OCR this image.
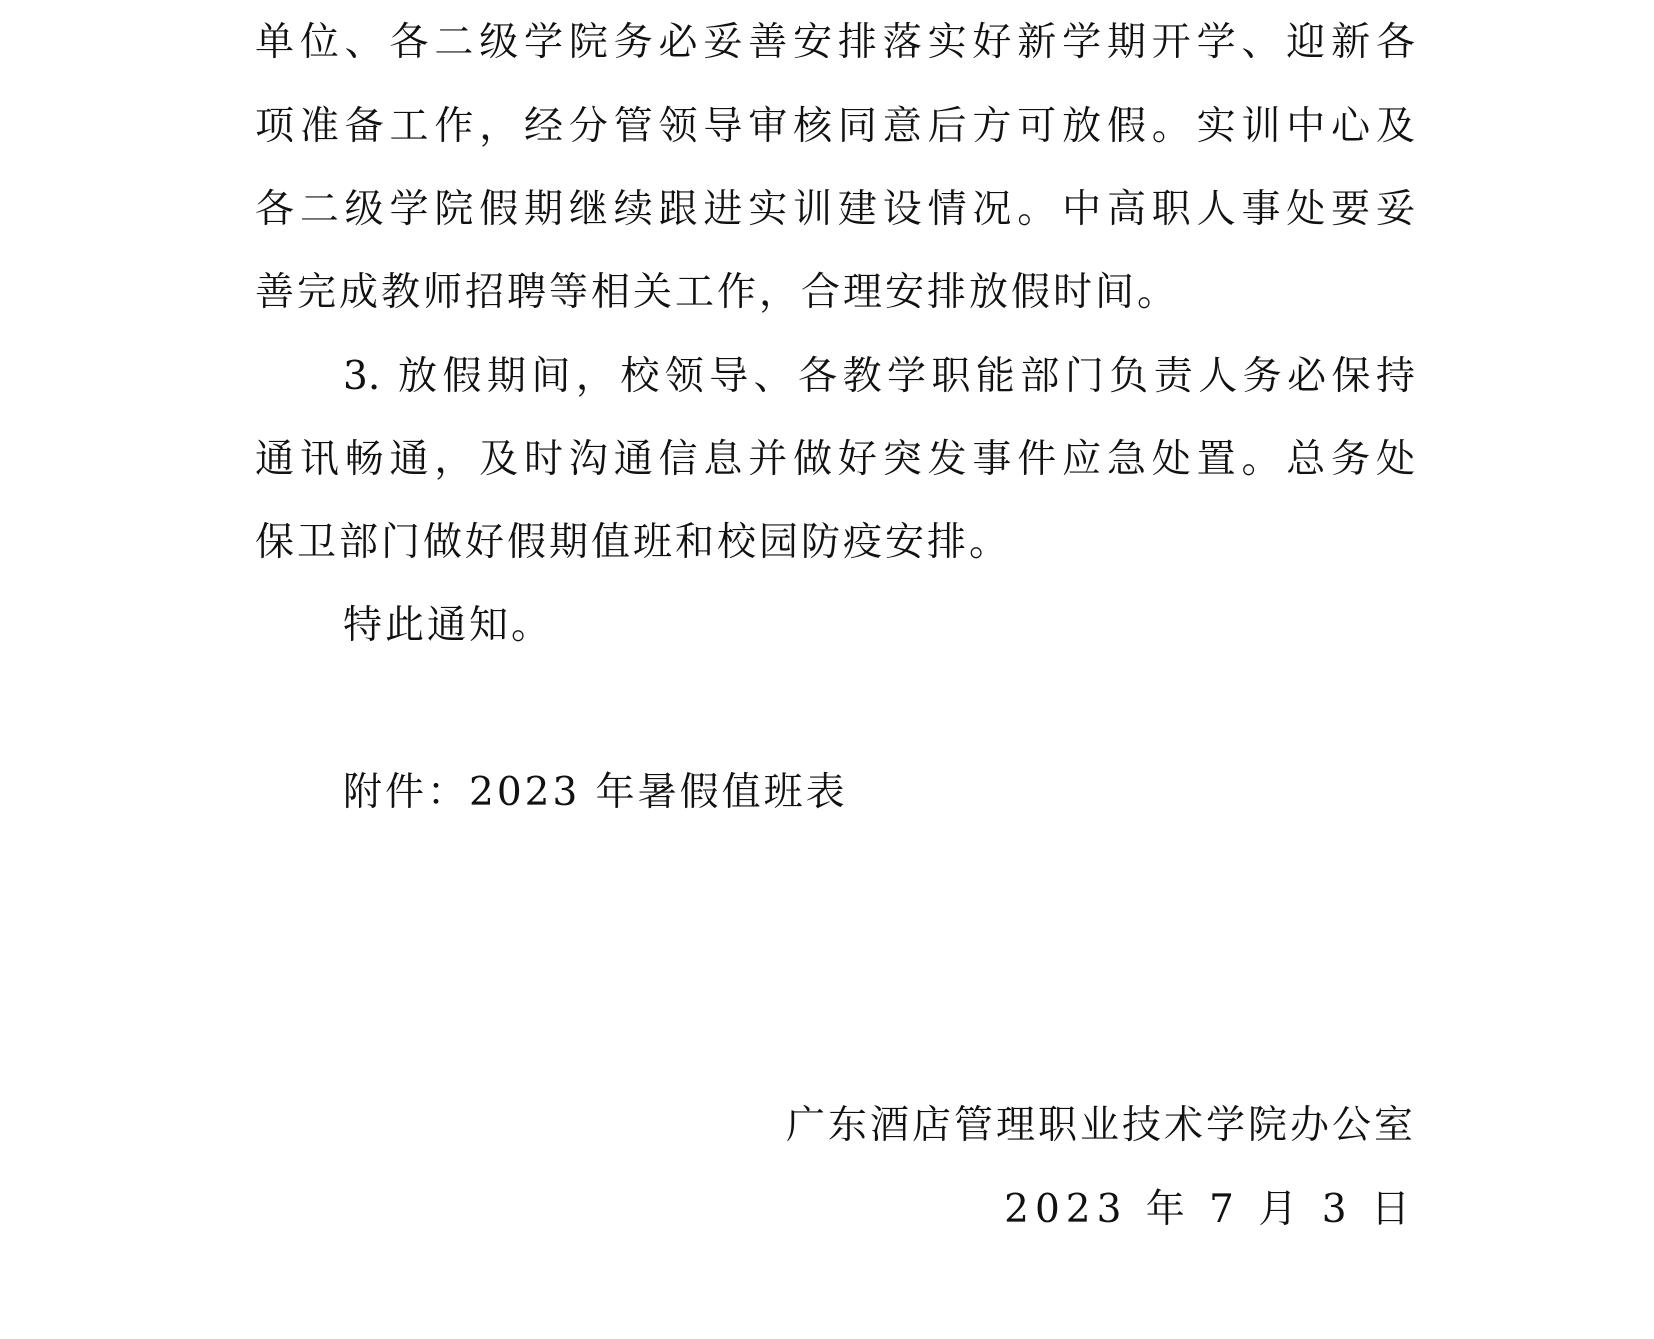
单位、各二级学院务必妥善安排落实好新学期开学、迎新各
项准备工作，经分管领导审核同意后方可放假。实训中心及
各二级学院假期继续跟进实训建设情况。中高职人事处要妥
善完成教师招聘等相关工作，合理安排放假时间。
3. 放假期间，校领导、各教学职能部门负责人务必保持
通讯畅通，及时沟通信息并做好突发事件应急处置。总务处
保卫部门做好假期值班和校园防疫安排。
特此通知。
附件：2023 年暑假值班表
广东酒店管理职业技术学院办公室
2023 年 7 月 3 日
